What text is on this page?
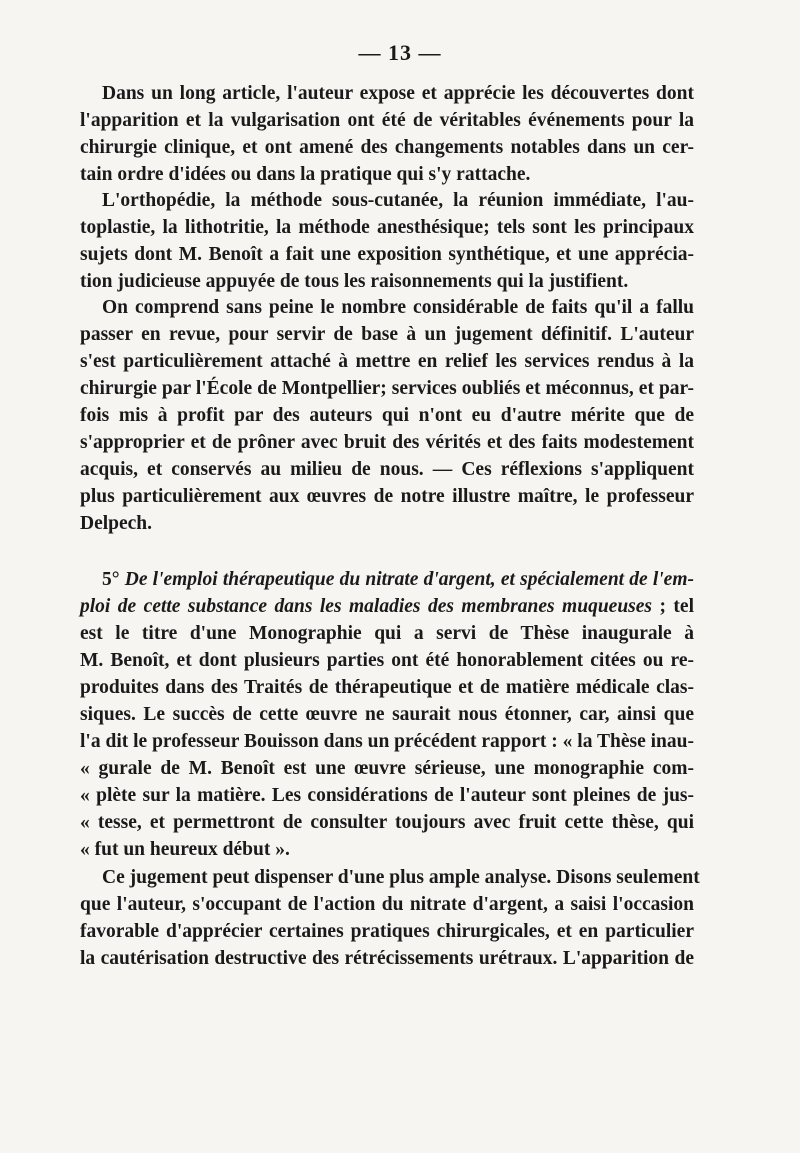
— 13 —
Dans un long article, l'auteur expose et apprécie les découvertes dont
l'apparition et la vulgarisation ont été de véritables événements pour la
chirurgie clinique, et ont amené des changements notables dans un cer-
tain ordre d'idées ou dans la pratique qui s'y rattache.
L'orthopédie, la méthode sous-cutanée, la réunion immédiate, l'au-
toplastie, la lithotritie, la méthode anesthésique; tels sont les principaux
sujets dont M. Benoît a fait une exposition synthétique, et une apprécia-
tion judicieuse appuyée de tous les raisonnements qui la justifient.
On comprend sans peine le nombre considérable de faits qu'il a fallu
passer en revue, pour servir de base à un jugement définitif. L'auteur
s'est particulièrement attaché à mettre en relief les services rendus à la
chirurgie par l'École de Montpellier; services oubliés et méconnus, et par-
fois mis à profit par des auteurs qui n'ont eu d'autre mérite que de
s'approprier et de prôner avec bruit des vérités et des faits modestement
acquis, et conservés au milieu de nous. — Ces réflexions s'appliquent
plus particulièrement aux œuvres de notre illustre maître, le professeur
Delpech.
5° De l'emploi thérapeutique du nitrate d'argent, et spécialement de l'em-
ploi de cette substance dans les maladies des membranes muqueuses ; tel
est le titre d'une Monographie qui a servi de Thèse inaugurale à
M. Benoît, et dont plusieurs parties ont été honorablement citées ou re-
produites dans des Traités de thérapeutique et de matière médicale clas-
siques. Le succès de cette œuvre ne saurait nous étonner, car, ainsi que
l'a dit le professeur Bouisson dans un précédent rapport : « la Thèse inau-
« gurale de M. Benoît est une œuvre sérieuse, une monographie com-
« plète sur la matière. Les considérations de l'auteur sont pleines de jus-
« tesse, et permettront de consulter toujours avec fruit cette thèse, qui
« fut un heureux début ».
Ce jugement peut dispenser d'une plus ample analyse. Disons seulement
que l'auteur, s'occupant de l'action du nitrate d'argent, a saisi l'occasion
favorable d'apprécier certaines pratiques chirurgicales, et en particulier
la cautérisation destructive des rétrécissements urétraux. L'apparition de
